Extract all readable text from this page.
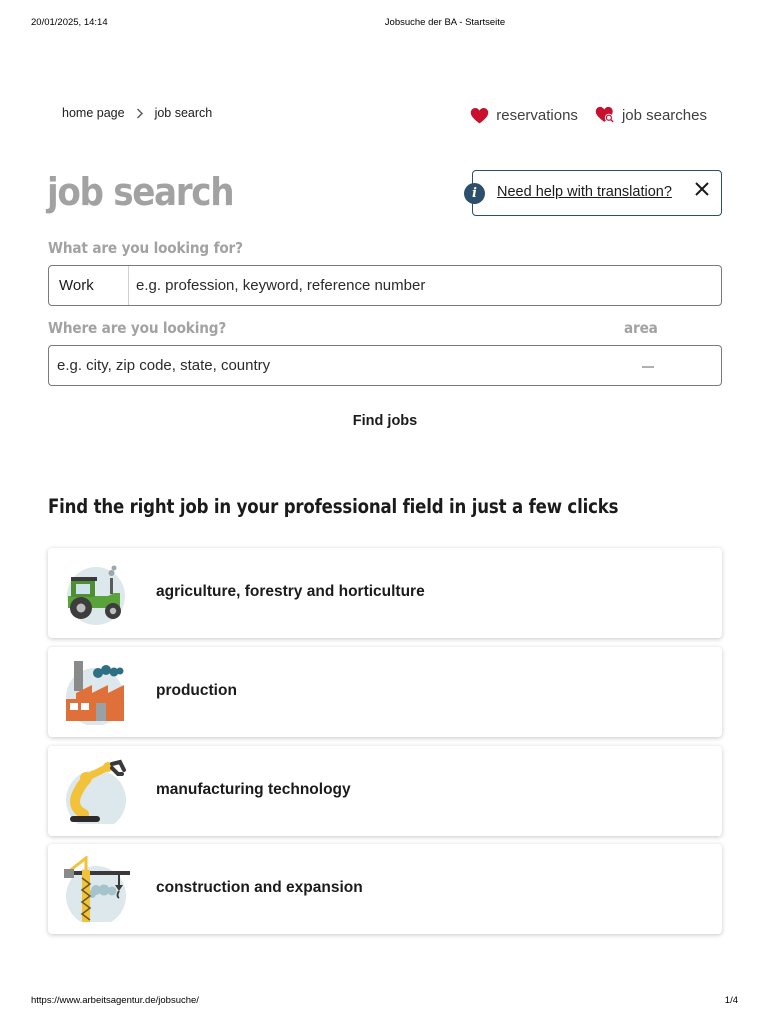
20/01/2025, 14:14	Jobsuche der BA - Startseite
home page job search	reservations	job searches
job search	i	Need help with translation?
What are you looking for?
Work	e.g. profession, keyword, reference number
Where are you looking?	area
e.g. city, zip code, state, country
Find jobs
Find the right job in your professional field in just a few clicks
agriculture, forestry and horticulture
production
manufacturing technology
construction and expansion
https://www.arbeitsagentur.de/jobsuche/	1/4
